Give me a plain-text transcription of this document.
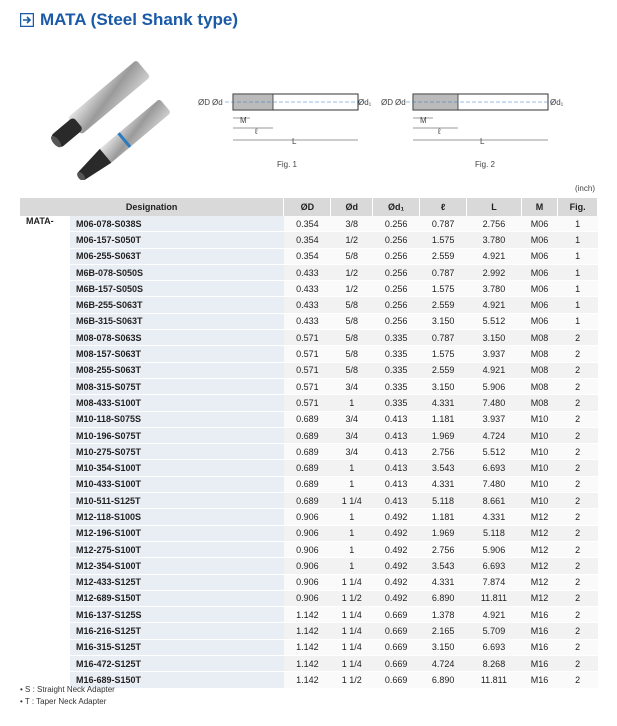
MATA (Steel Shank type)
ØD Ød	Ød₁
M
ℓ
L
Fig. 1
ØD Ød	Ød₁
M
ℓ
L
Fig. 2
(inch)
Designation		ØD	Ød	Ød₁	ℓ	L	M	Fig.
MATA-	M06-078-S038S	0.354	3/8	0.256	0.787	2.756	M06	1
	M06-157-S050T	0.354	1/2	0.256	1.575	3.780	M06	1
	M06-255-S063T	0.354	5/8	0.256	2.559	4.921	M06	1
	M6B-078-S050S	0.433	1/2	0.256	0.787	2.992	M06	1
	M6B-157-S050S	0.433	1/2	0.256	1.575	3.780	M06	1
	M6B-255-S063T	0.433	5/8	0.256	2.559	4.921	M06	1
	M6B-315-S063T	0.433	5/8	0.256	3.150	5.512	M06	1
	M08-078-S063S	0.571	5/8	0.335	0.787	3.150	M08	2
	M08-157-S063T	0.571	5/8	0.335	1.575	3.937	M08	2
	M08-255-S063T	0.571	5/8	0.335	2.559	4.921	M08	2
	M08-315-S075T	0.571	3/4	0.335	3.150	5.906	M08	2
	M08-433-S100T	0.571	1	0.335	4.331	7.480	M08	2
	M10-118-S075S	0.689	3/4	0.413	1.181	3.937	M10	2
	M10-196-S075T	0.689	3/4	0.413	1.969	4.724	M10	2
	M10-275-S075T	0.689	3/4	0.413	2.756	5.512	M10	2
	M10-354-S100T	0.689	1	0.413	3.543	6.693	M10	2
	M10-433-S100T	0.689	1	0.413	4.331	7.480	M10	2
	M10-511-S125T	0.689	1 1/4	0.413	5.118	8.661	M10	2
	M12-118-S100S	0.906	1	0.492	1.181	4.331	M12	2
	M12-196-S100T	0.906	1	0.492	1.969	5.118	M12	2
	M12-275-S100T	0.906	1	0.492	2.756	5.906	M12	2
	M12-354-S100T	0.906	1	0.492	3.543	6.693	M12	2
	M12-433-S125T	0.906	1 1/4	0.492	4.331	7.874	M12	2
	M12-689-S150T	0.906	1 1/2	0.492	6.890	11.811	M12	2
	M16-137-S125S	1.142	1 1/4	0.669	1.378	4.921	M16	2
	M16-216-S125T	1.142	1 1/4	0.669	2.165	5.709	M16	2
	M16-315-S125T	1.142	1 1/4	0.669	3.150	6.693	M16	2
	M16-472-S125T	1.142	1 1/4	0.669	4.724	8.268	M16	2
	M16-689-S150T	1.142	1 1/2	0.669	6.890	11.811	M16	2
• S : Straight Neck Adapter
• T : Taper Neck Adapter
